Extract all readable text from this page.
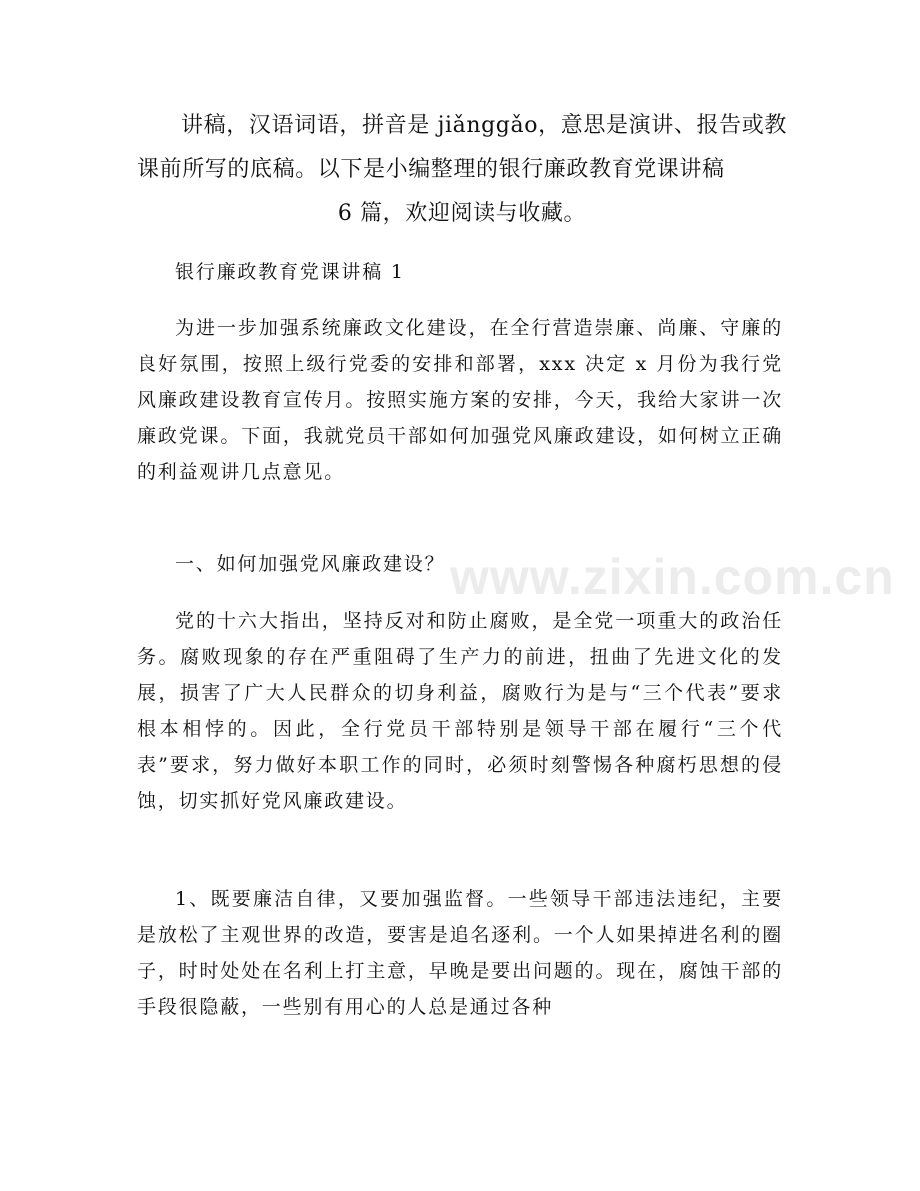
讲稿，汉语词语，拼音是 jiǎnggǎo，意思是演讲、报告或教课前所写的底稿。以下是小编整理的银行廉政教育党课讲稿
6 篇，欢迎阅读与收藏。
银行廉政教育党课讲稿 1
为进一步加强系统廉政文化建设，在全行营造崇廉、尚廉、守廉的良好氛围，按照上级行党委的安排和部署，xxx 决定 x 月份为我行党风廉政建设教育宣传月。按照实施方案的安排，今天，我给大家讲一次廉政党课。下面，我就党员干部如何加强党风廉政建设，如何树立正确的利益观讲几点意见。
一、如何加强党风廉政建设？
党的十六大指出，坚持反对和防止腐败，是全党一项重大的政治任务。腐败现象的存在严重阻碍了生产力的前进，扭曲了先进文化的发展，损害了广大人民群众的切身利益，腐败行为是与“三个代表”要求根本相悖的。因此，全行党员干部特别是领导干部在履行“三个代表”要求，努力做好本职工作的同时，必须时刻警惕各种腐朽思想的侵蚀，切实抓好党风廉政建设。
1、既要廉洁自律，又要加强监督。一些领导干部违法违纪，主要是放松了主观世界的改造，要害是追名逐利。一个人如果掉进名利的圈子，时时处处在名利上打主意，早晚是要出问题的。现在，腐蚀干部的手段很隐蔽，一些别有用心的人总是通过各种
www.zixin.com.cn
